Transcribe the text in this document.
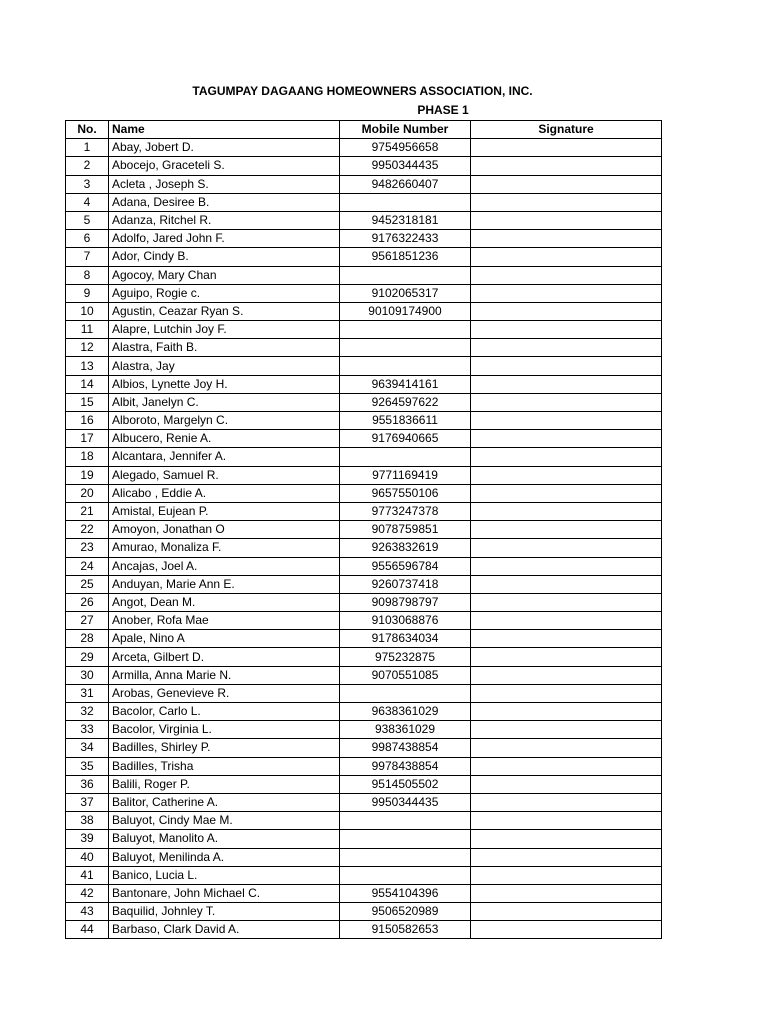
TAGUMPAY DAGAANG HOMEOWNERS ASSOCIATION, INC.
PHASE 1
No.	Name	Mobile Number	Signature
1	Abay, Jobert D.	9754956658	
2	Abocejo, Graceteli S.	9950344435	
3	Acleta , Joseph S.	9482660407	
4	Adana, Desiree B.		
5	Adanza, Ritchel R.	9452318181	
6	Adolfo, Jared John F.	9176322433	
7	Ador, Cindy B.	9561851236	
8	Agocoy, Mary Chan		
9	Aguipo, Rogie c.	9102065317	
10	Agustin, Ceazar Ryan S.	90109174900	
11	Alapre, Lutchin Joy F.		
12	Alastra, Faith B.		
13	Alastra, Jay		
14	Albios, Lynette Joy H.	9639414161	
15	Albit, Janelyn C.	9264597622	
16	Alboroto, Margelyn C.	9551836611	
17	Albucero, Renie A.	9176940665	
18	Alcantara, Jennifer A.		
19	Alegado, Samuel R.	9771169419	
20	Alicabo , Eddie A.	9657550106	
21	Amistal, Eujean P.	9773247378	
22	Amoyon, Jonathan O	9078759851	
23	Amurao, Monaliza F.	9263832619	
24	Ancajas, Joel A.	9556596784	
25	Anduyan, Marie Ann E.	9260737418	
26	Angot, Dean M.	9098798797	
27	Anober, Rofa Mae	9103068876	
28	Apale, Nino A	9178634034	
29	Arceta, Gilbert D.	975232875	
30	Armilla, Anna Marie N.	9070551085	
31	Arobas, Genevieve R.		
32	Bacolor, Carlo L.	9638361029	
33	Bacolor, Virginia L.	938361029	
34	Badilles, Shirley P.	9987438854	
35	Badilles, Trisha	9978438854	
36	Balili, Roger P.	9514505502	
37	Balitor, Catherine A.	9950344435	
38	Baluyot, Cindy Mae M.		
39	Baluyot, Manolito A.		
40	Baluyot, Menilinda A.		
41	Banico, Lucia L.		
42	Bantonare, John Michael C.	9554104396	
43	Baquilid, Johnley T.	9506520989	
44	Barbaso, Clark David A.	9150582653	
